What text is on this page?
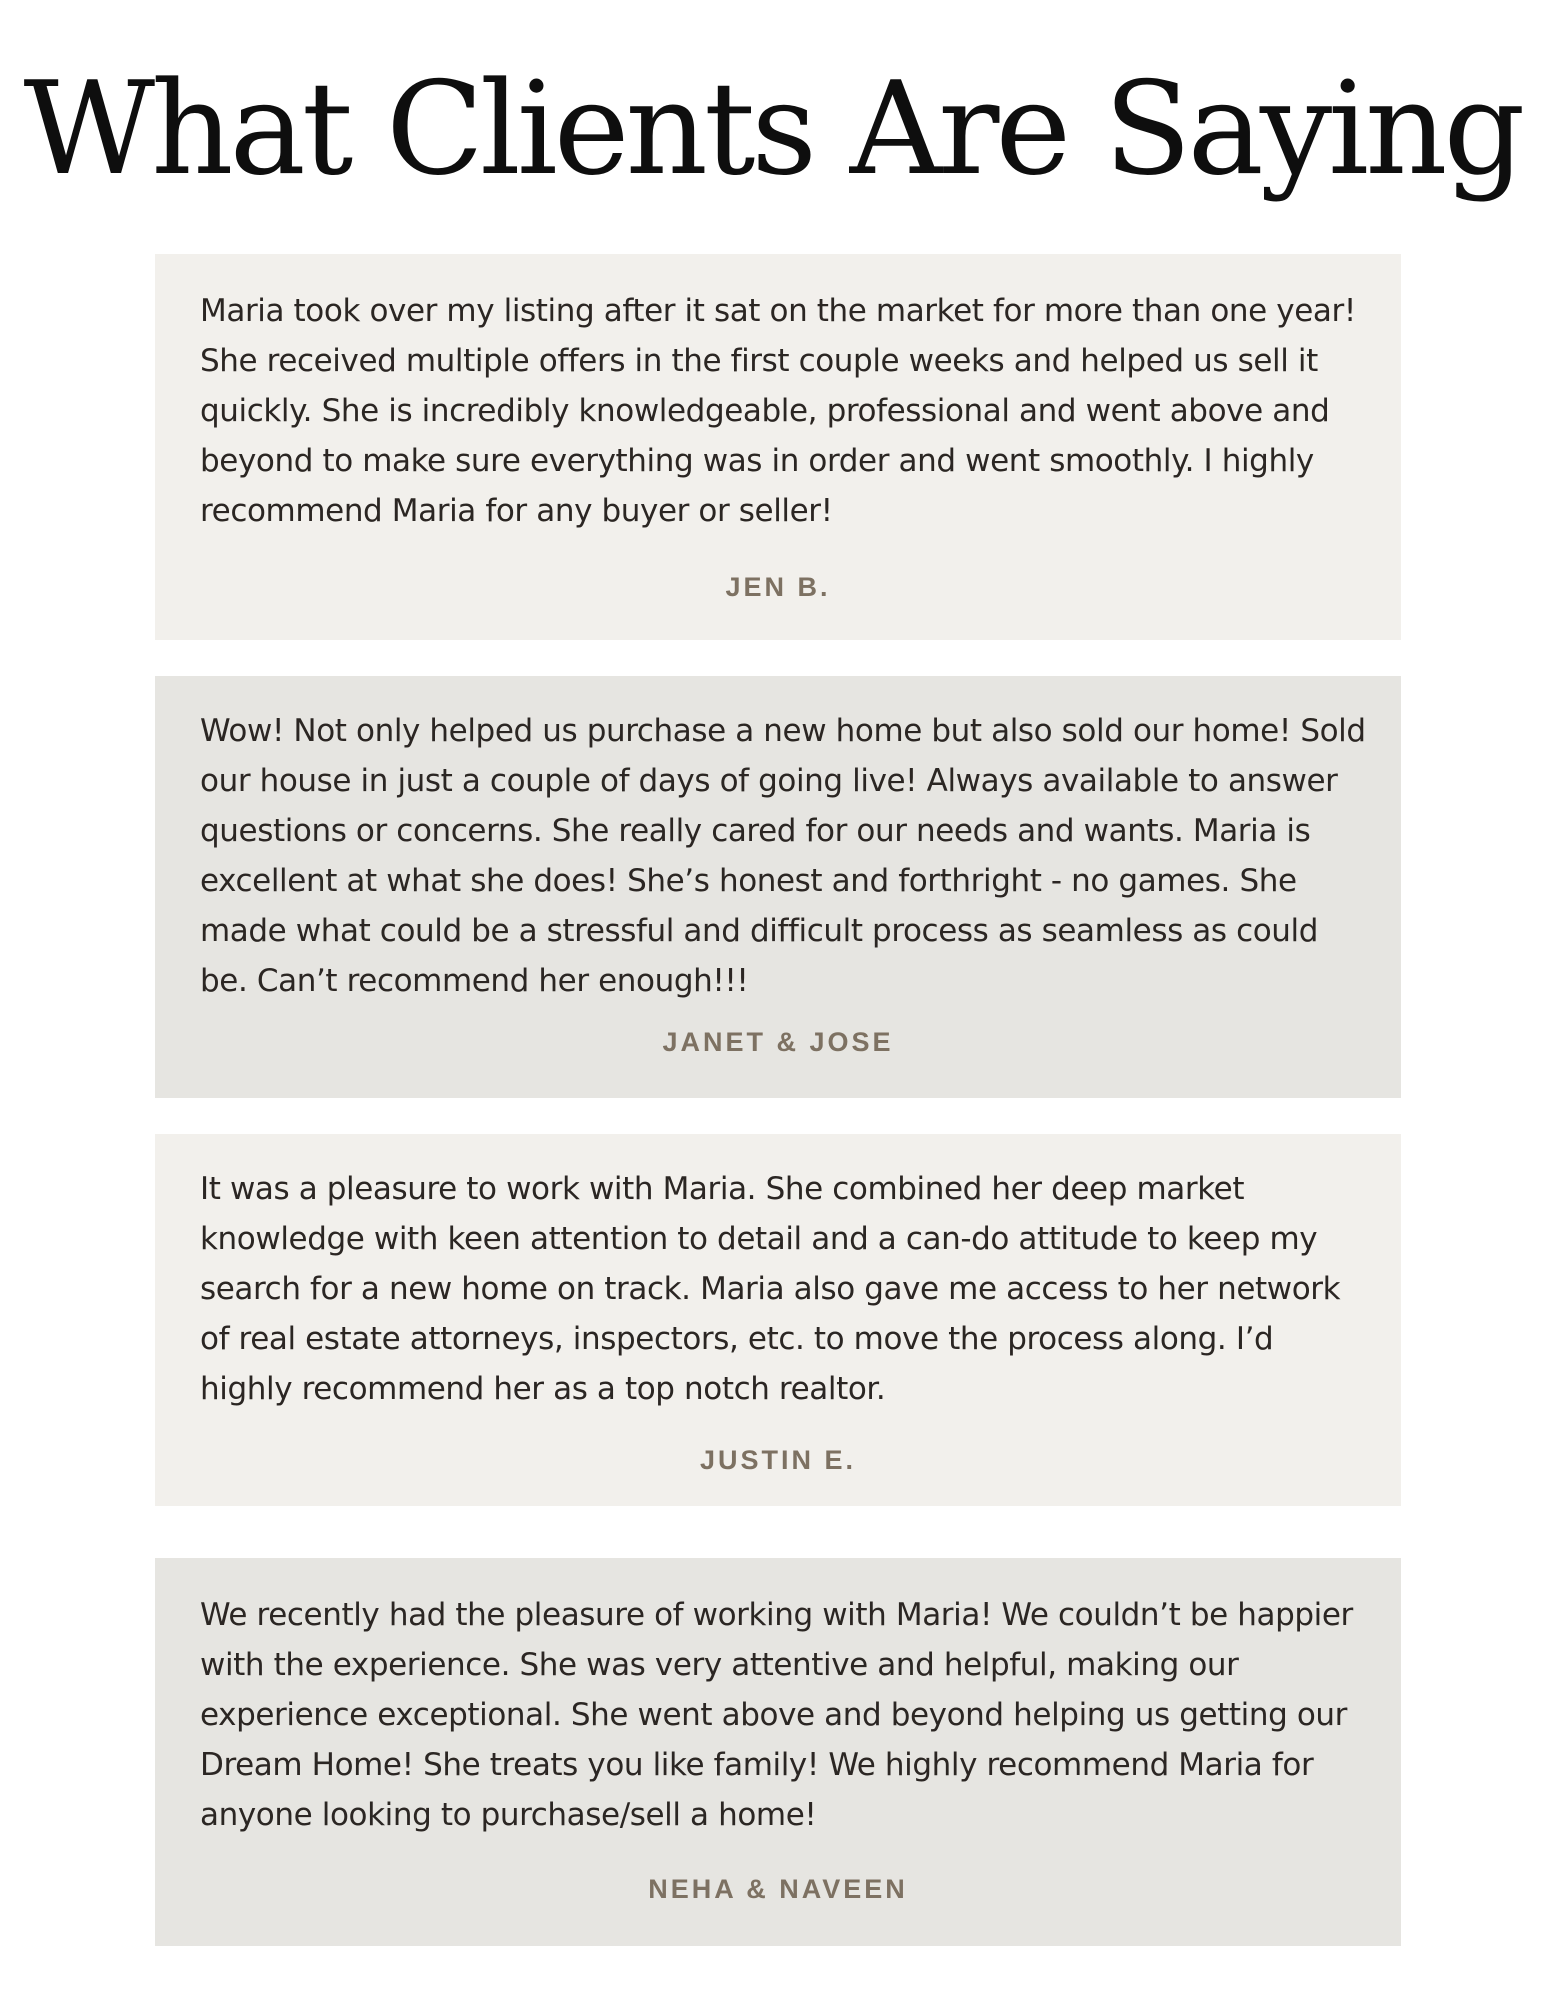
What Clients Are Saying

Maria took over my listing after it sat on the market for more than one year! She received multiple offers in the first couple weeks and helped us sell it quickly. She is incredibly knowledgeable, professional and went above and beyond to make sure everything was in order and went smoothly. I highly recommend Maria for any buyer or seller!

JEN B.

Wow! Not only helped us purchase a new home but also sold our home! Sold our house in just a couple of days of going live! Always available to answer questions or concerns. She really cared for our needs and wants. Maria is excellent at what she does! She’s honest and forthright - no games. She made what could be a stressful and difficult process as seamless as could be. Can’t recommend her enough!!!

JANET & JOSE

It was a pleasure to work with Maria. She combined her deep market knowledge with keen attention to detail and a can-do attitude to keep my search for a new home on track. Maria also gave me access to her network of real estate attorneys, inspectors, etc. to move the process along. I’d highly recommend her as a top notch realtor.

JUSTIN E.

We recently had the pleasure of working with Maria! We couldn’t be happier with the experience. She was very attentive and helpful, making our experience exceptional. She went above and beyond helping us getting our Dream Home! She treats you like family! We highly recommend Maria for anyone looking to purchase/sell a home!

NEHA & NAVEEN
